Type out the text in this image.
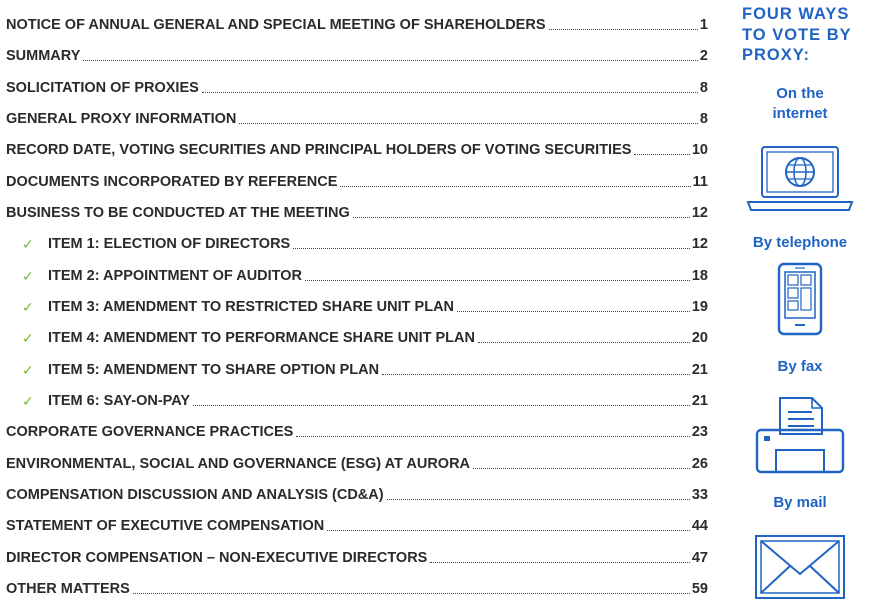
NOTICE OF ANNUAL GENERAL AND SPECIAL MEETING OF SHAREHOLDERS	1
SUMMARY	2
SOLICITATION OF PROXIES	8
GENERAL PROXY INFORMATION	8
RECORD DATE, VOTING SECURITIES AND PRINCIPAL HOLDERS OF VOTING SECURITIES	10
DOCUMENTS INCORPORATED BY REFERENCE	11
BUSINESS TO BE CONDUCTED AT THE MEETING	12
✓ ITEM 1: ELECTION OF DIRECTORS	12
✓ ITEM 2: APPOINTMENT OF AUDITOR	18
✓ ITEM 3: AMENDMENT TO RESTRICTED SHARE UNIT PLAN	19
✓ ITEM 4: AMENDMENT TO PERFORMANCE SHARE UNIT PLAN	20
✓ ITEM 5: AMENDMENT TO SHARE OPTION PLAN	21
✓ ITEM 6: SAY-ON-PAY	21
CORPORATE GOVERNANCE PRACTICES	23
ENVIRONMENTAL, SOCIAL AND GOVERNANCE (ESG) AT AURORA	26
COMPENSATION DISCUSSION AND ANALYSIS (CD&A)	33
STATEMENT OF EXECUTIVE COMPENSATION	44
DIRECTOR COMPENSATION – NON-EXECUTIVE DIRECTORS	47
OTHER MATTERS	59
FOUR WAYS
TO VOTE BY
PROXY:
On the
internet
By telephone
By fax
By mail
